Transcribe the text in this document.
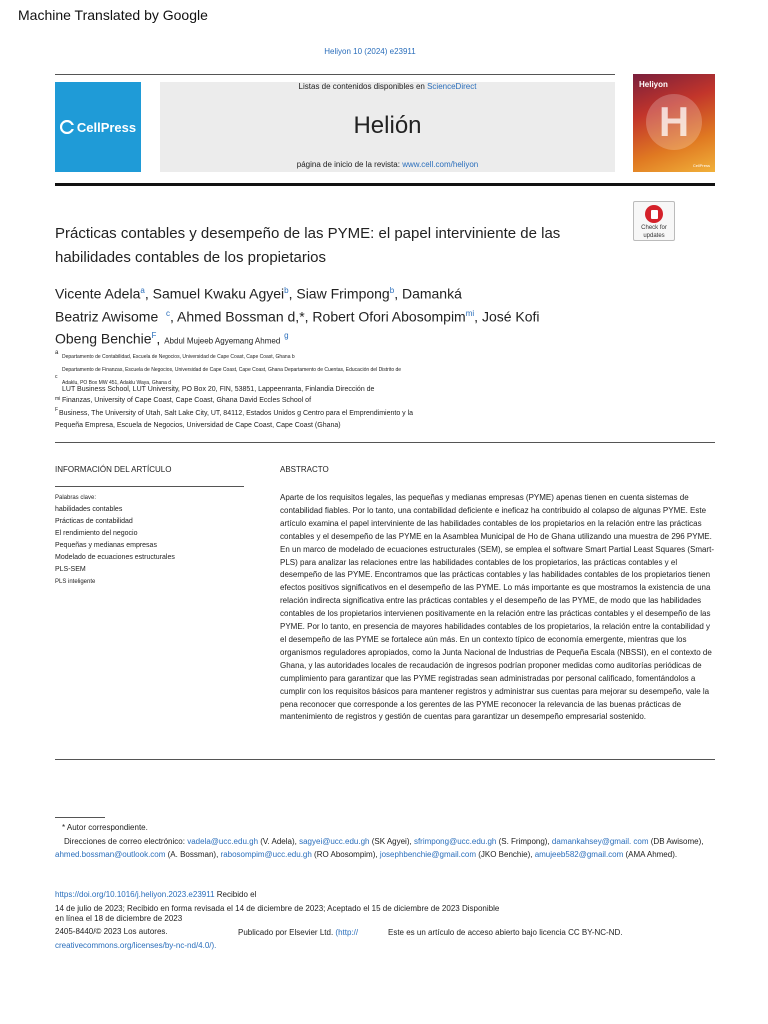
Machine Translated by Google
Heliyon 10 (2024) e23911
CellPress
Listas de contenidos disponibles en ScienceDirect
Helión
página de inicio de la revista: www.cell.com/heliyon
Heliyon
H
CellPress
Check for
updates
Prácticas contables y desempeño de las PYME: el papel interviniente de las habilidades contables de los propietarios
Vicente Adela$^a$, Samuel Kwaku Agyei$^b$, Siaw Frimpong$^b$, Damanká
Beatriz Awisome $^c$, Ahmed Bossman d,*, Robert Ofori Abosompim$^{mi}$, José Kofi
Obeng Benchie$^F$, Abdul Mujeeb Agyemang Ahmed $^g$
a
Departamento de Contabilidad, Escuela de Negocios, Universidad de Cape Coast, Cape Coast, Ghana b
Departamento de Finanzas, Escuela de Negocios, Universidad de Cape Coast, Cape Coast, Ghana Departamento de Cuentas, Educación del Distrito de
c
Adaklu, PO Box MW 451, Adaklu Waya, Ghana d
LUT Business School, LUT University, PO Box 20, FIN, 53851, Lappeenranta, Finlandia Dirección de
mi Finanzas, University of Cape Coast, Cape Coast, Ghana David Eccles School of
F Business, The University of Utah, Salt Lake City, UT, 84112, Estados Unidos g Centro para el Emprendimiento y la
Pequeña Empresa, Escuela de Negocios, Universidad de Cape Coast, Cape Coast (Ghana)
INFORMACIÓN DEL ARTÍCULO	ABSTRACTO
Palabras clave:
habilidades contables
Prácticas de contabilidad
El rendimiento del negocio
Pequeñas y medianas empresas
Modelado de ecuaciones estructurales
PLS-SEM
PLS inteligente
Aparte de los requisitos legales, las pequeñas y medianas empresas (PYME) apenas tienen en cuenta sistemas de contabilidad fiables. Por lo tanto, una contabilidad deficiente e ineficaz ha contribuido al colapso de algunas PYME. Este artículo examina el papel interviniente de las habilidades contables de los propietarios en la relación entre las prácticas contables y el desempeño de las PYME en la Asamblea Municipal de Ho de Ghana utilizando una muestra de 296 PYME. En un marco de modelado de ecuaciones estructurales (SEM), se emplea el software Smart Partial Least Squares (Smart-PLS) para analizar las relaciones entre las habilidades contables de los propietarios, las prácticas contables y el desempeño de las PYME. Encontramos que las prácticas contables y las habilidades contables de los propietarios tienen efectos positivos significativos en el desempeño de las PYME. Lo más importante es que mostramos la existencia de una relación indirecta significativa entre las prácticas contables y el desempeño de las PYME, de modo que las habilidades contables de los propietarios intervienen positivamente en la relación entre las prácticas contables y el desempeño de las PYME. Por lo tanto, en presencia de mayores habilidades contables de los propietarios, la relación entre la contabilidad y el desempeño de las PYME se fortalece aún más. En un contexto típico de economía emergente, mientras que los organismos reguladores apropiados, como la Junta Nacional de Industrias de Pequeña Escala (NBSSI), en el contexto de Ghana, y las autoridades locales de recaudación de ingresos podrían proponer medidas como auditorías periódicas de cumplimiento para garantizar que las PYME registradas sean administradas por personal calificado, fomentándolos a cumplir con los requisitos básicos para mantener registros y administrar sus cuentas para mejorar su desempeño, vale la pena reconocer que corresponde a los gerentes de las PYME reconocer la relevancia de las buenas prácticas de mantenimiento de registros y gestión de cuentas para garantizar un desempeño empresarial sostenido.
* Autor correspondiente.
Direcciones de correo electrónico: vadela@ucc.edu.gh (V. Adela), sagyei@ucc.edu.gh (SK Agyei), sfrimpong@ucc.edu.gh (S. Frimpong), damankahsey@gmail. com (DB Awisome), ahmed.bossman@outlook.com (A. Bossman), rabosompim@ucc.edu.gh (RO Abosompim), josephbenchie@gmail.com (JKO Benchie), amujeeb582@gmail.com (AMA Ahmed).
https://doi.org/10.1016/j.heliyon.2023.e23911 Recibido el
14 de julio de 2023; Recibido en forma revisada el 14 de diciembre de 2023; Aceptado el 15 de diciembre de 2023 Disponible
en línea el 18 de diciembre de 2023
2405-8440/© 2023 Los autores.	Publicado por Elsevier Ltd. (http://	Este es un artículo de acceso abierto bajo licencia CC BY-NC-ND.
creativecommons.org/licenses/by-nc-nd/4.0/).
